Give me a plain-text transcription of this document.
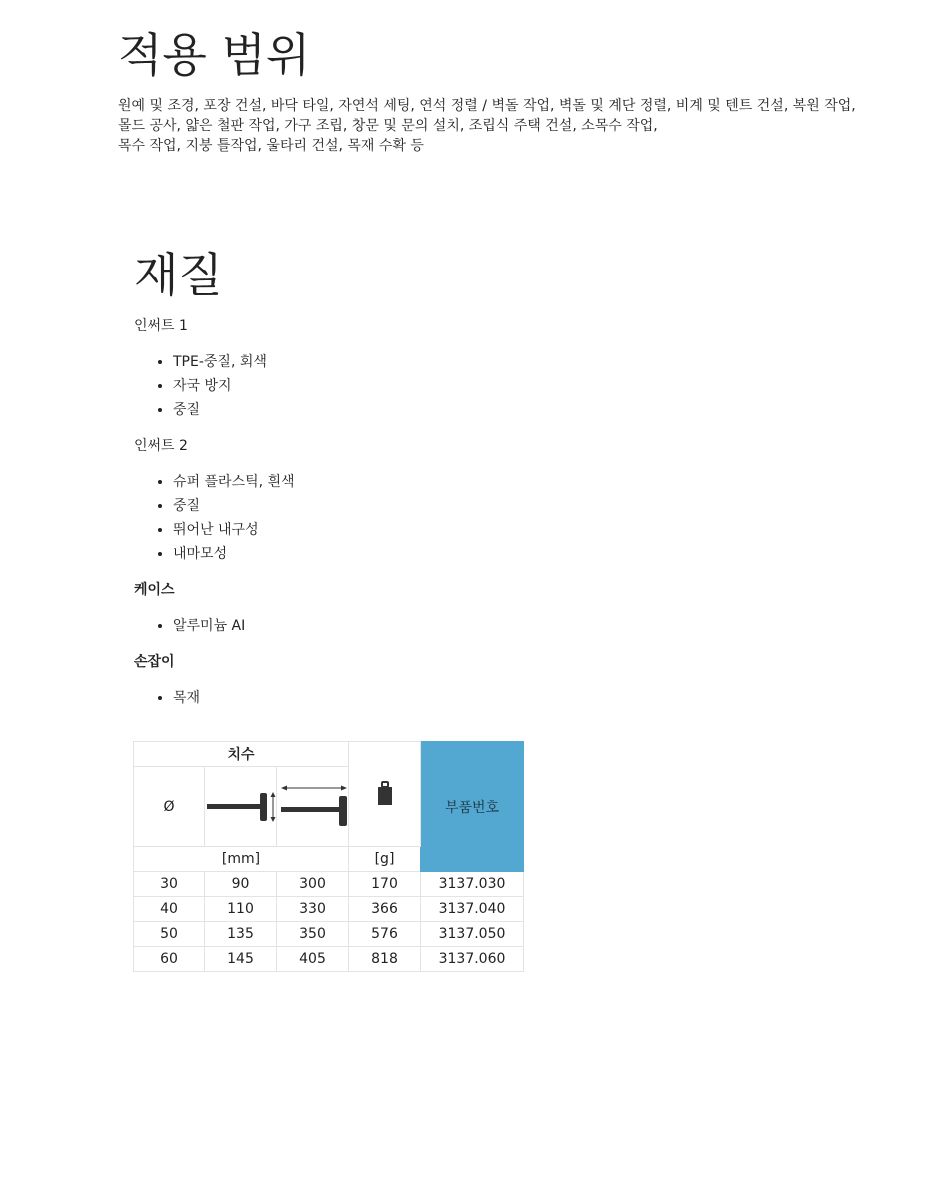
적용 범위
원예 및 조경, 포장 건설, 바닥 타일, 자연석 세팅, 연석 정렬 / 벽돌 작업, 벽돌 및 계단 정렬, 비계 및 텐트 건설, 복원 작업,
몰드 공사, 얇은 철판 작업, 가구 조립, 창문 및 문의 설치, 조립식 주택 건설, 소목수 작업,
목수 작업, 지붕 틀작업, 울타리 건설, 목재 수확 등
재질

인써트 1

• TPE-중질, 회색
• 자국 방지
• 중질

인써트 2

• 슈퍼 플라스틱, 흰색
• 중질
• 뛰어난 내구성
• 내마모성

케이스

• 알루미늄 AI

손잡이

• 목재
치수				부품번호
Ø	

[mm]			[g]	
30	90	300	170	3137.030
40	110	330	366	3137.040
50	135	350	576	3137.050
60	145	405	818	3137.060
